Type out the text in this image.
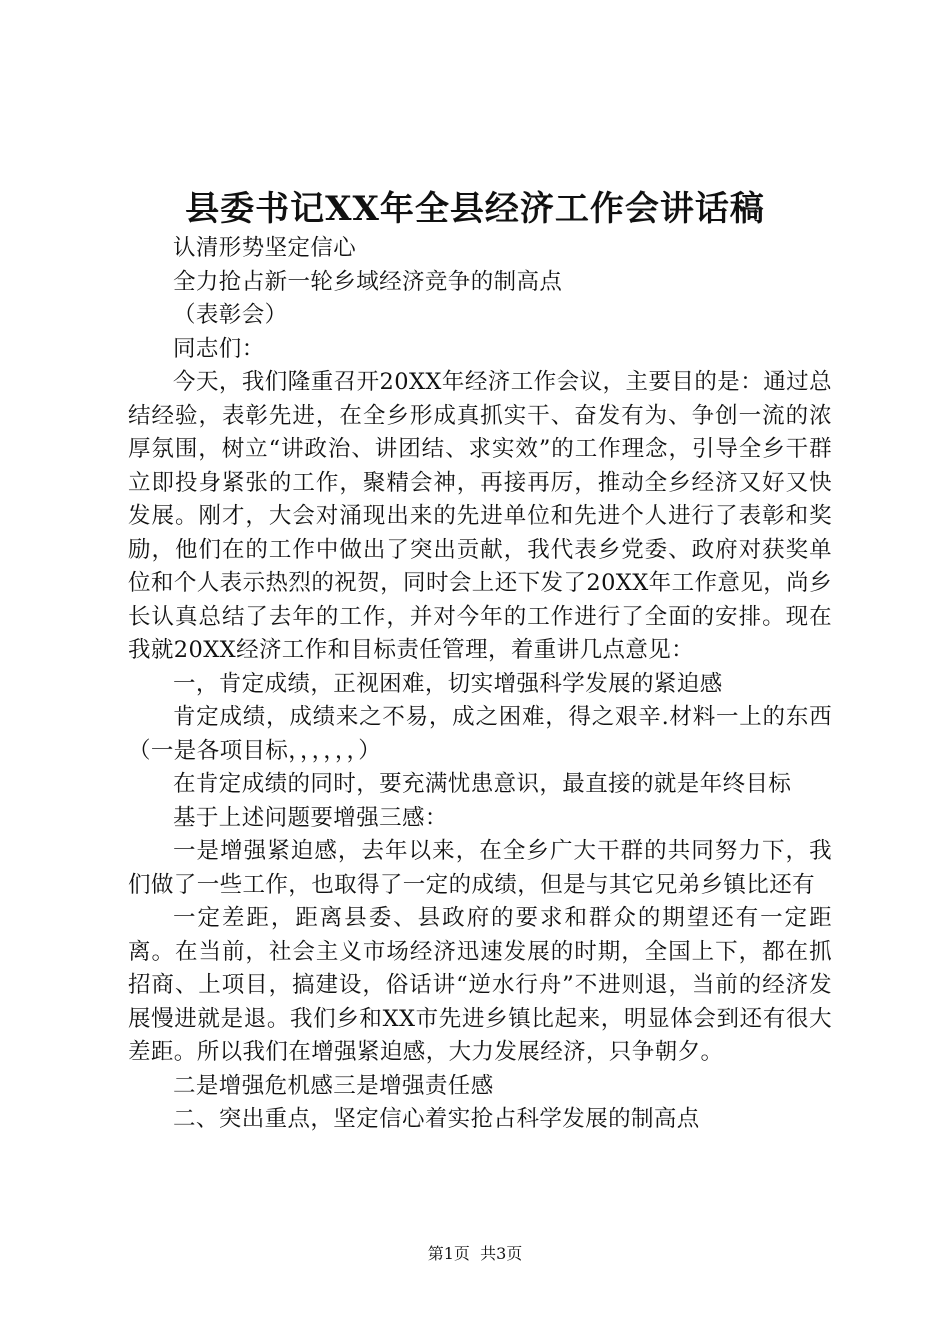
县委书记XX年全县经济工作会讲话稿

认清形势坚定信心

全力抢占新一轮乡域经济竞争的制高点

（表彰会）

同志们：

今天，我们隆重召开20XX年经济工作会议，主要目的是：通过总结经验，表彰先进，在全乡形成真抓实干、奋发有为、争创一流的浓厚氛围，树立“讲政治、讲团结、求实效”的工作理念，引导全乡干群立即投身紧张的工作，聚精会神，再接再厉，推动全乡经济又好又快发展。刚才，大会对涌现出来的先进单位和先进个人进行了表彰和奖励，他们在的工作中做出了突出贡献，我代表乡党委、政府对获奖单位和个人表示热烈的祝贺，同时会上还下发了20XX年工作意见，尚乡长认真总结了去年的工作，并对今年的工作进行了全面的安排。现在我就20XX经济工作和目标责任管理，着重讲几点意见：

一，肯定成绩，正视困难，切实增强科学发展的紧迫感

肯定成绩，成绩来之不易，成之困难，得之艰辛.材料一上的东西（一是各项目标，，，，，，）

在肯定成绩的同时，要充满忧患意识，最直接的就是年终目标

基于上述问题要增强三感：

一是增强紧迫感，去年以来，在全乡广大干群的共同努力下，我们做了一些工作，也取得了一定的成绩，但是与其它兄弟乡镇比还有

一定差距，距离县委、县政府的要求和群众的期望还有一定距离。在当前，社会主义市场经济迅速发展的时期，全国上下，都在抓招商、上项目，搞建设，俗话讲“逆水行舟”不进则退，当前的经济发展慢进就是退。我们乡和XX市先进乡镇比起来，明显体会到还有很大差距。所以我们在增强紧迫感，大力发展经济，只争朝夕。

二是增强危机感三是增强责任感

二、突出重点，坚定信心着实抢占科学发展的制高点

第1页 共3页
